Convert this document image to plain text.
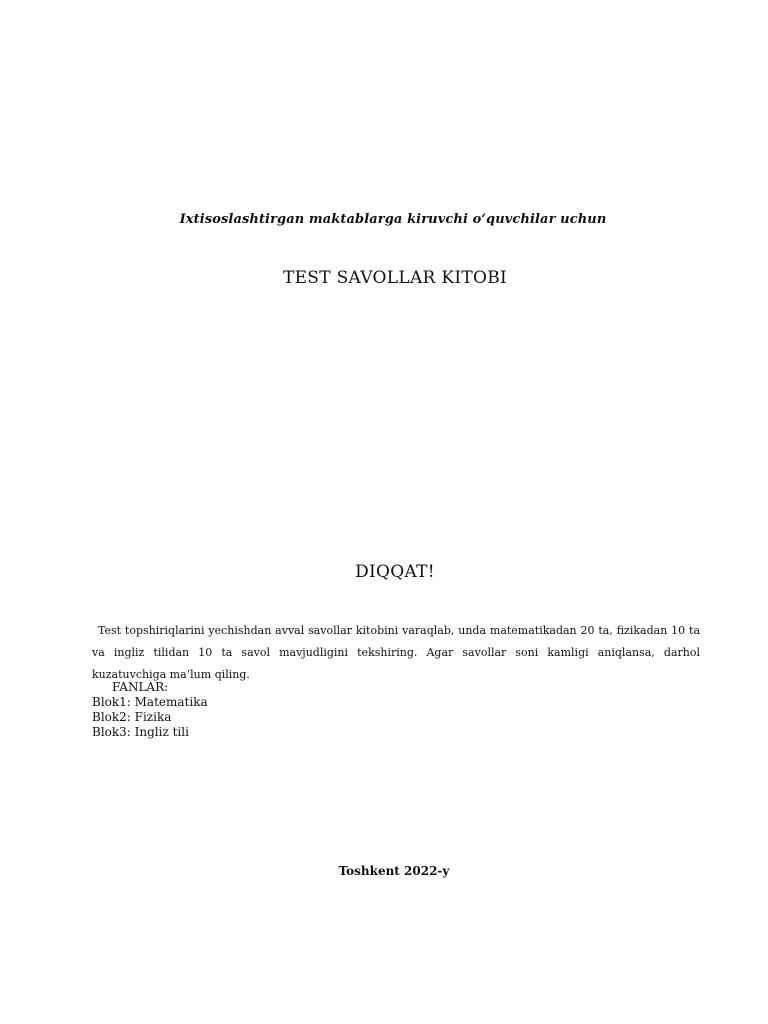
Ixtisoslashtirgan maktablarga kiruvchi o‘quvchilar uchun
TEST SAVOLLAR KITOBI
DIQQAT!
Test topshiriqlarini yechishdan avval savollar kitobini varaqlab, unda matematikadan 20 ta, fizikadan 10 ta va ingliz tilidan 10 ta savol mavjudligini tekshiring. Agar savollar soni kamligi aniqlansa, darhol kuzatuvchiga ma‘lum qiling.
FANLAR:
Blok1: Matematika
Blok2: Fizika
Blok3: Ingliz tili
Toshkent 2022-y
